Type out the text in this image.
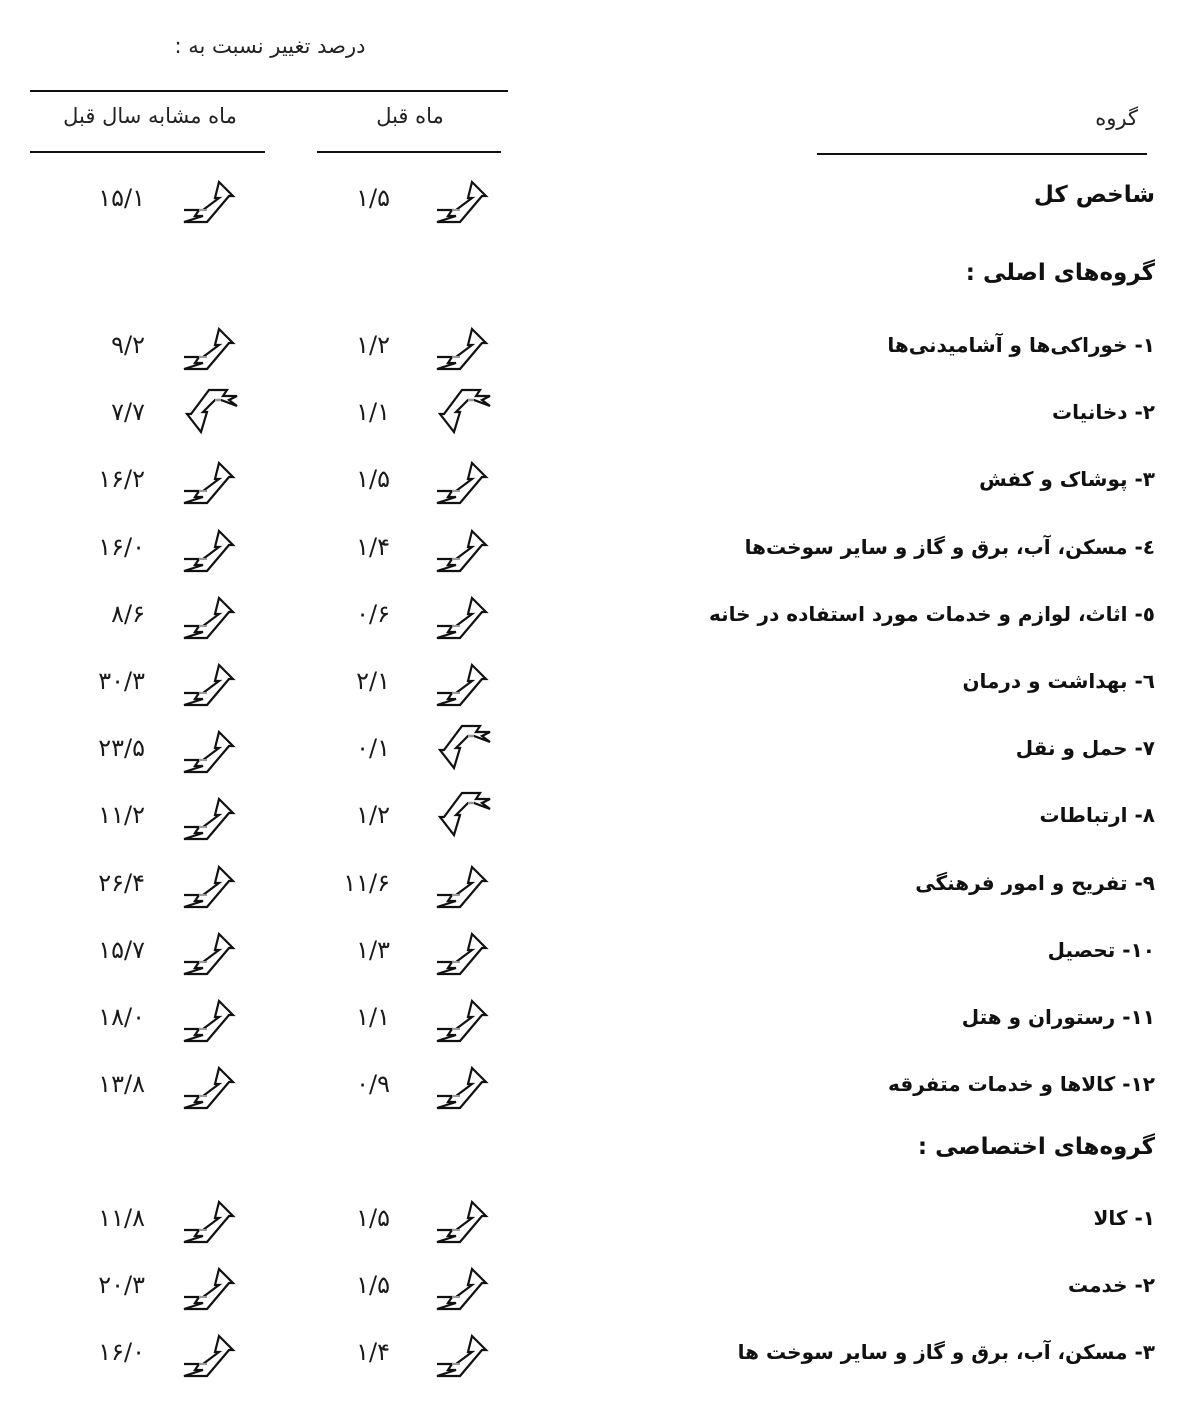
درصد تغییر نسبت به :
ماه مشابه سال قبل	ماه قبل	گروه
شاخص کل
۱/۵
۱۵/۱
گروه‌های اصلی :
۱- خوراکی‌ها و آشامیدنی‌ها
۱/۲
۹/۲
۲- دخانیات
۱/۱
۷/۷
۳- پوشاک و کفش
۱/۵
۱۶/۲
٤- مسکن، آب، برق و گاز و سایر سوخت‌ها
۱/۴
۱۶/۰
٥- اثاث، لوازم و خدمات مورد استفاده در خانه
۰/۶
۸/۶
٦- بهداشت و درمان
۲/۱
۳۰/۳
۷- حمل و نقل
۰/۱
۲۳/۵
۸- ارتباطات
۱/۲
۱۱/۲
۹- تفریح و امور فرهنگی
۱۱/۶
۲۶/۴
۱۰- تحصیل
۱/۳
۱۵/۷
۱۱- رستوران و هتل
۱/۱
۱۸/۰
۱۲- کالاها و خدمات متفرقه
۰/۹
۱۳/۸
گروه‌های اختصاصی :
۱- کالا
۱/۵
۱۱/۸
۲- خدمت
۱/۵
۲۰/۳
۳- مسکن، آب، برق و گاز و سایر سوخت ها
۱/۴
۱۶/۰
